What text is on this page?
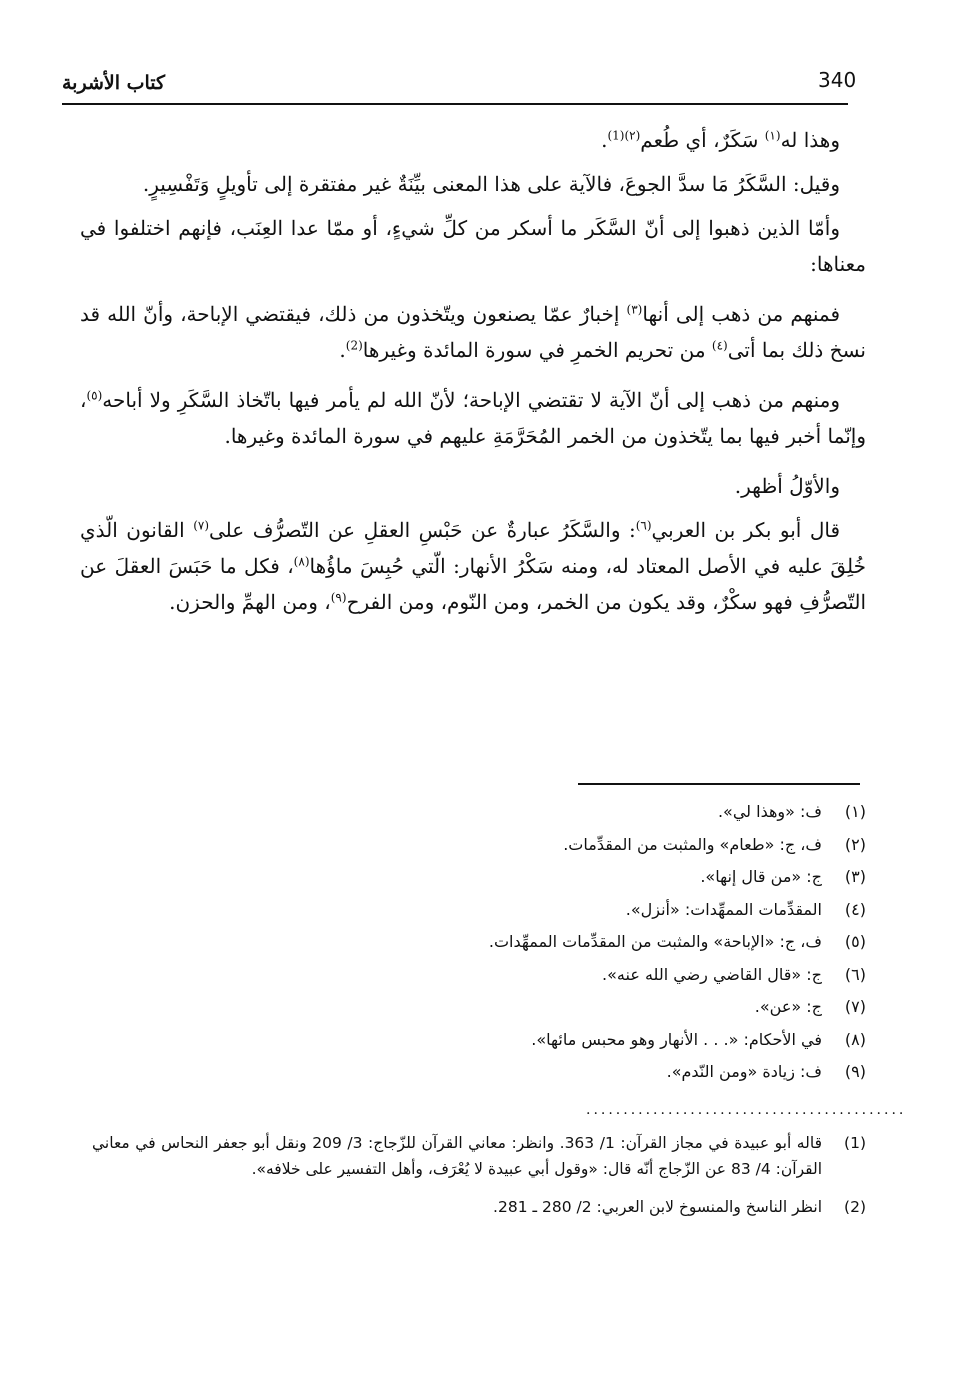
340
كتاب الأشربة

وهذا له$^{(١)}$ سَكَرٌ، أي طُعم$^{(٢)(1)}$.

وقيل: السَّكَرُ مَا سدَّ الجوعَ، فالآية على هذا المعنى بيِّنَةٌ غير مفتقرة إلى تأويلٍ وَتَفْسِيرٍ.

وأمّا الذين ذهبوا إلى أنّ السَّكَر ما أسكر من كلِّ شيءٍ، أو ممّا عدا العِنَب، فإنهم اختلفوا في معناها:

فمنهم من ذهب إلى أنها$^{(٣)}$ إخبارٌ عمّا يصنعون ويتّخذون من ذلك، فيقتضي الإباحة، وأنّ الله قد نسخ ذلك بما أتى$^{(٤)}$ من تحريم الخمرِ في سورة المائدة وغيرها$^{(2)}$.

ومنهم من ذهب إلى أنّ الآية لا تقتضي الإباحة؛ لأنّ الله لم يأمر فيها باتّخاذ السَّكَرِ ولا أباحه$^{(٥)}$، وإنّما أخبر فيها بما يتّخذون من الخمر المُحَرَّمَةِ عليهم في سورة المائدة وغيرها.

والأوّلُ أظهر.

قال أبو بكر بن العربي$^{(٦)}$: والسَّكَرُ عبارةٌ عن حَبْسِ العقلِ عن التّصرُّف على$^{(٧)}$ القانون الّذي خُلِقَ عليه في الأصل المعتاد له، ومنه سَكْرُ الأنهار: الّتي حُبِسَ ماؤُها$^{(٨)}$، فكل ما حَبَسَ العقلَ عن التّصرُّفِ فهو سكْرٌ، وقد يكون من الخمر، ومن النّوم، ومن الفرح$^{(٩)}$، ومن الهمِّ والحزن.

(١)
ف: «وهذا لي».
(٢)
ف، ج: «طعام» والمثبت من المقدِّمات.
(٣)
ج: «من قال إنها».
(٤)
المقدِّمات الممهِّدات: «أنزل».
(٥)
ف، ج: «الإباحة» والمثبت من المقدِّمات الممهِّدات.
(٦)
ج: «قال القاضي رضي الله عنه».
(٧)
ج: «عن».
(٨)
في الأحكام: «. . . الأنهار وهو محبس مائها».
(٩)
ف: زيادة «ومن النّدم».
...........................................
(1)
قاله أبو عبيدة في مجاز القرآن: 1/ 363. وانظر: معاني القرآن للزّجاج: 3/ 209 ونقل أبو جعفر النحاس في معاني القرآن: 4/ 83 عن الزّجاج أنّه قال: «وقول أبي عبيدة لا يُعْرَف، وأهل التفسير على خلافه».
(2)
انظر الناسخ والمنسوخ لابن العربي: 2/ 280 ـ 281.
